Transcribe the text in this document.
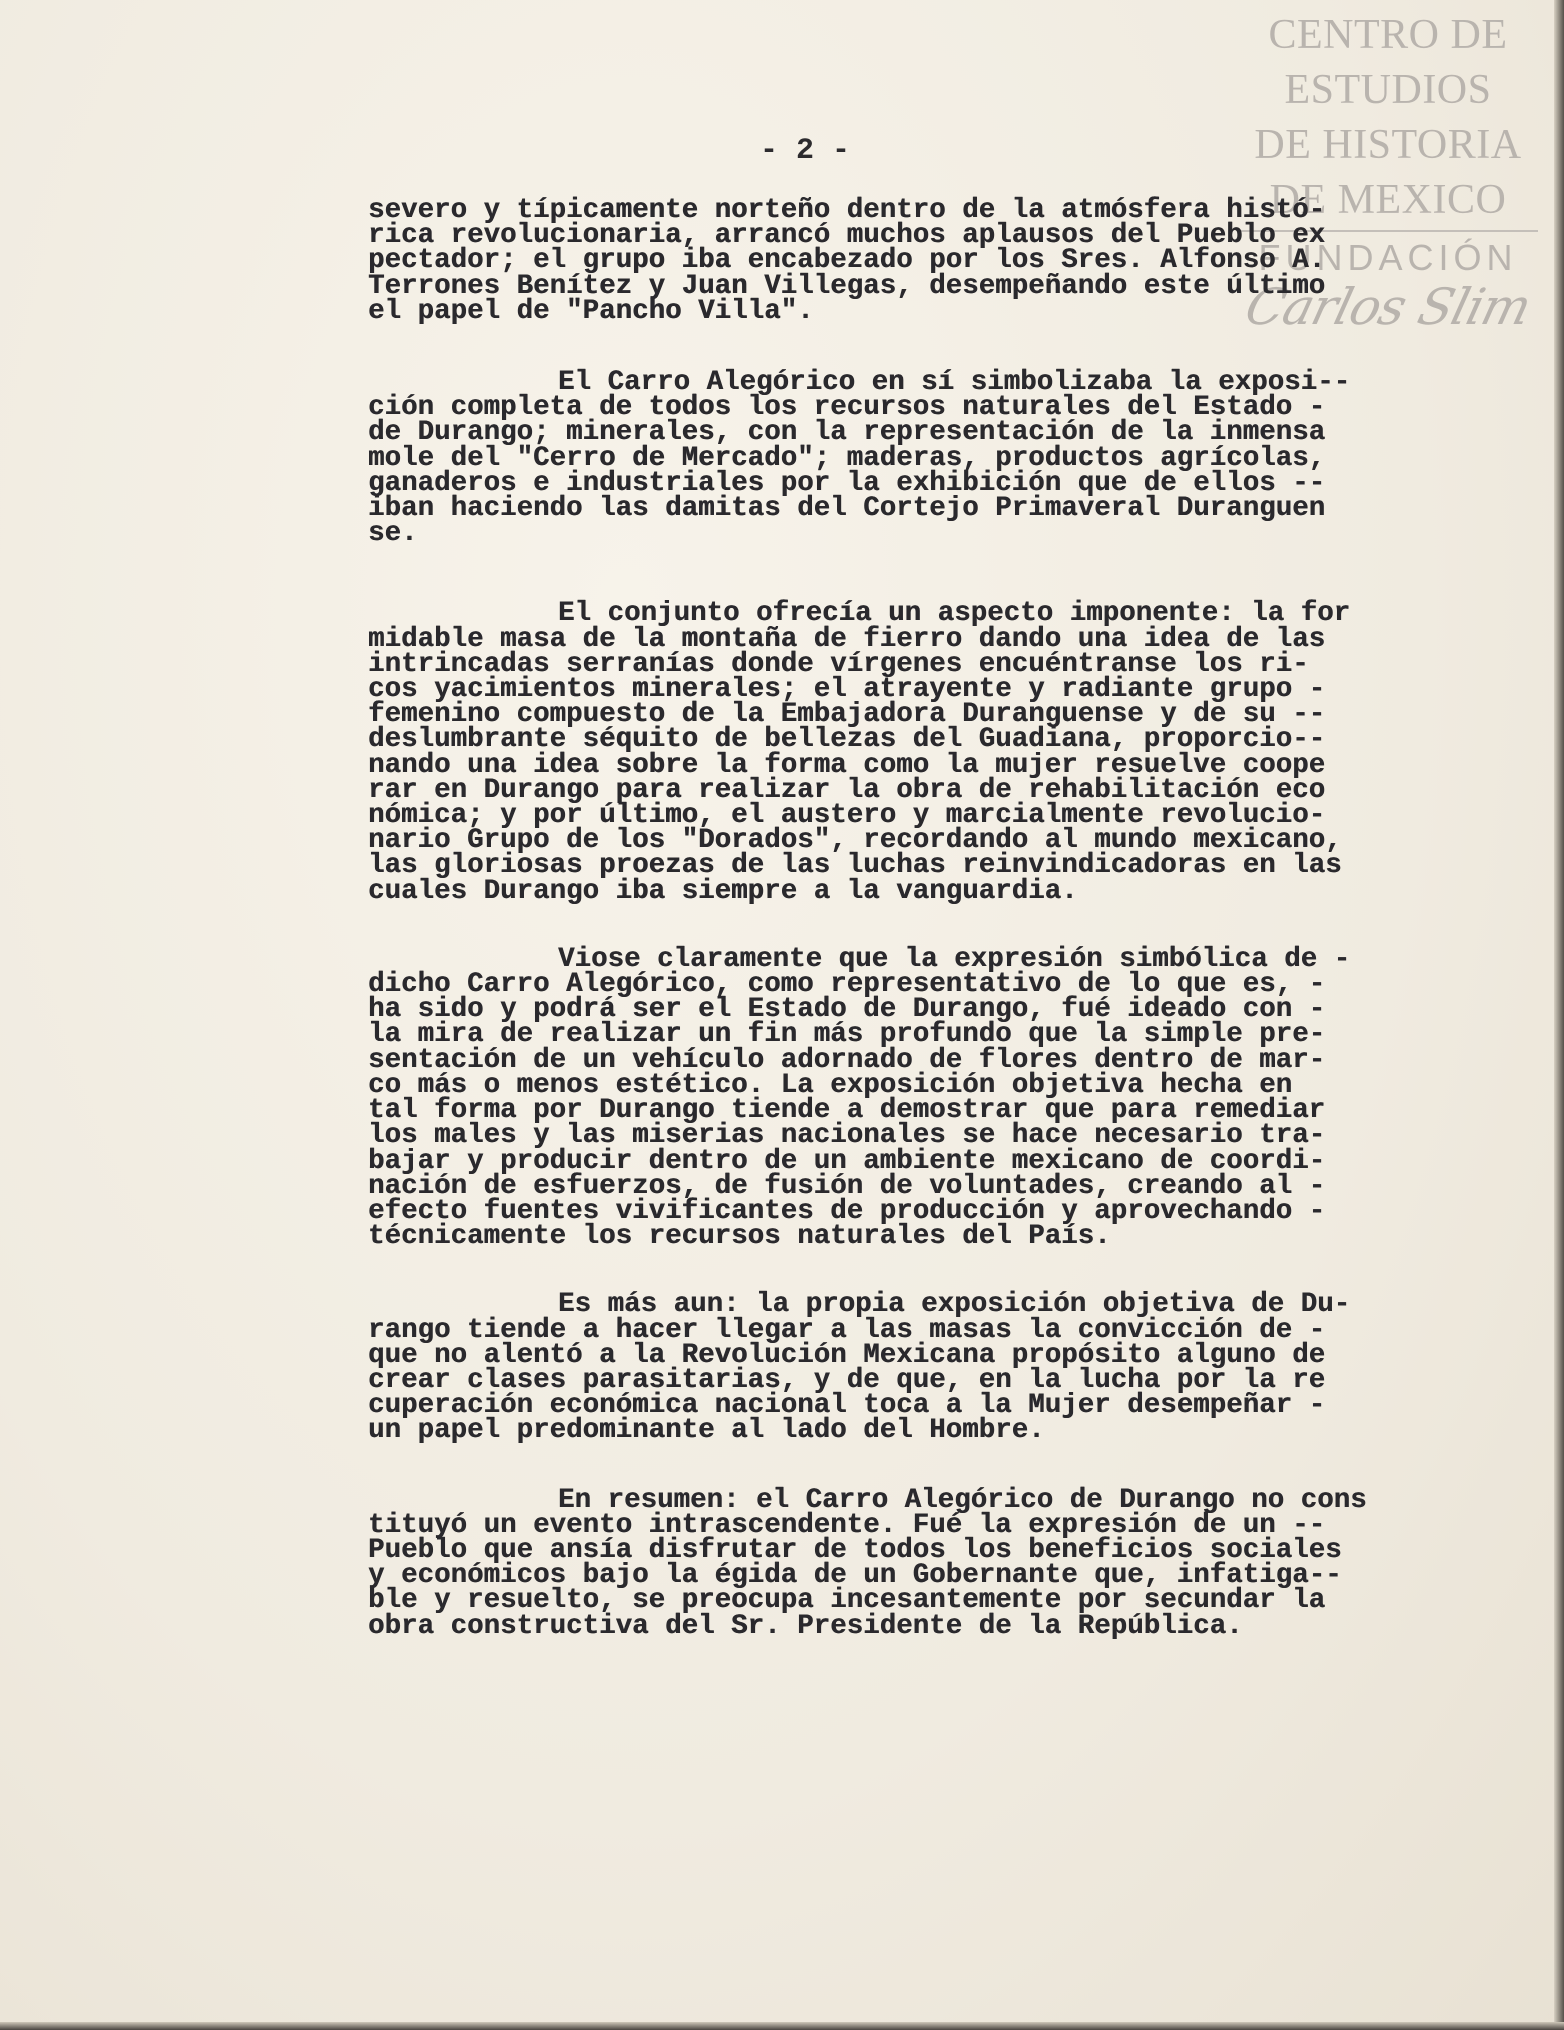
CENTRO DE
ESTUDIOS
DE HISTORIA
DE MEXICO
FUNDACIÓN
Carlos Slim
- 2 -

severo y típicamente norteño dentro de la atmósfera histó-
rica revolucionaria, arrancó muchos aplausos del Pueblo ex
pectador; el grupo iba encabezado por los Sres. Alfonso A.
Terrones Benítez y Juan Villegas, desempeñando este último
el papel de "Pancho Villa".

El Carro Alegórico en sí simbolizaba la exposi--
ción completa de todos los recursos naturales del Estado -
de Durango; minerales, con la representación de la inmensa
mole del "Cerro de Mercado"; maderas, productos agrícolas,
ganaderos e industriales por la exhibición que de ellos --
iban haciendo las damitas del Cortejo Primaveral Duranguen
se.

El conjunto ofrecía un aspecto imponente: la for
midable masa de la montaña de fierro dando una idea de las
intrincadas serranías donde vírgenes encuéntranse los ri-
cos yacimientos minerales; el atrayente y radiante grupo -
femenino compuesto de la Embajadora Duranguense y de su --
deslumbrante séquito de bellezas del Guadiana, proporcio--
nando una idea sobre la forma como la mujer resuelve coope
rar en Durango para realizar la obra de rehabilitación eco
nómica; y por último, el austero y marcialmente revolucio-
nario Grupo de los "Dorados", recordando al mundo mexicano,
las gloriosas proezas de las luchas reinvindicadoras en las
cuales Durango iba siempre a la vanguardia.

Viose claramente que la expresión simbólica de -
dicho Carro Alegórico, como representativo de lo que es, -
ha sido y podrá ser el Estado de Durango, fué ideado con -
la mira de realizar un fin más profundo que la simple pre-
sentación de un vehículo adornado de flores dentro de mar-
co más o menos estético. La exposición objetiva hecha en
tal forma por Durango tiende a demostrar que para remediar
los males y las miserias nacionales se hace necesario tra-
bajar y producir dentro de un ambiente mexicano de coordi-
nación de esfuerzos, de fusión de voluntades, creando al -
efecto fuentes vivificantes de producción y aprovechando -
técnicamente los recursos naturales del País.

Es más aun: la propia exposición objetiva de Du-
rango tiende a hacer llegar a las masas la convicción de -
que no alentó a la Revolución Mexicana propósito alguno de
crear clases parasitarias, y de que, en la lucha por la re
cuperación económica nacional toca a la Mujer desempeñar -
un papel predominante al lado del Hombre.

En resumen: el Carro Alegórico de Durango no cons
tituyó un evento intrascendente. Fué la expresión de un --
Pueblo que ansía disfrutar de todos los beneficios sociales
y económicos bajo la égida de un Gobernante que, infatiga--
ble y resuelto, se preocupa incesantemente por secundar la
obra constructiva del Sr. Presidente de la República.
